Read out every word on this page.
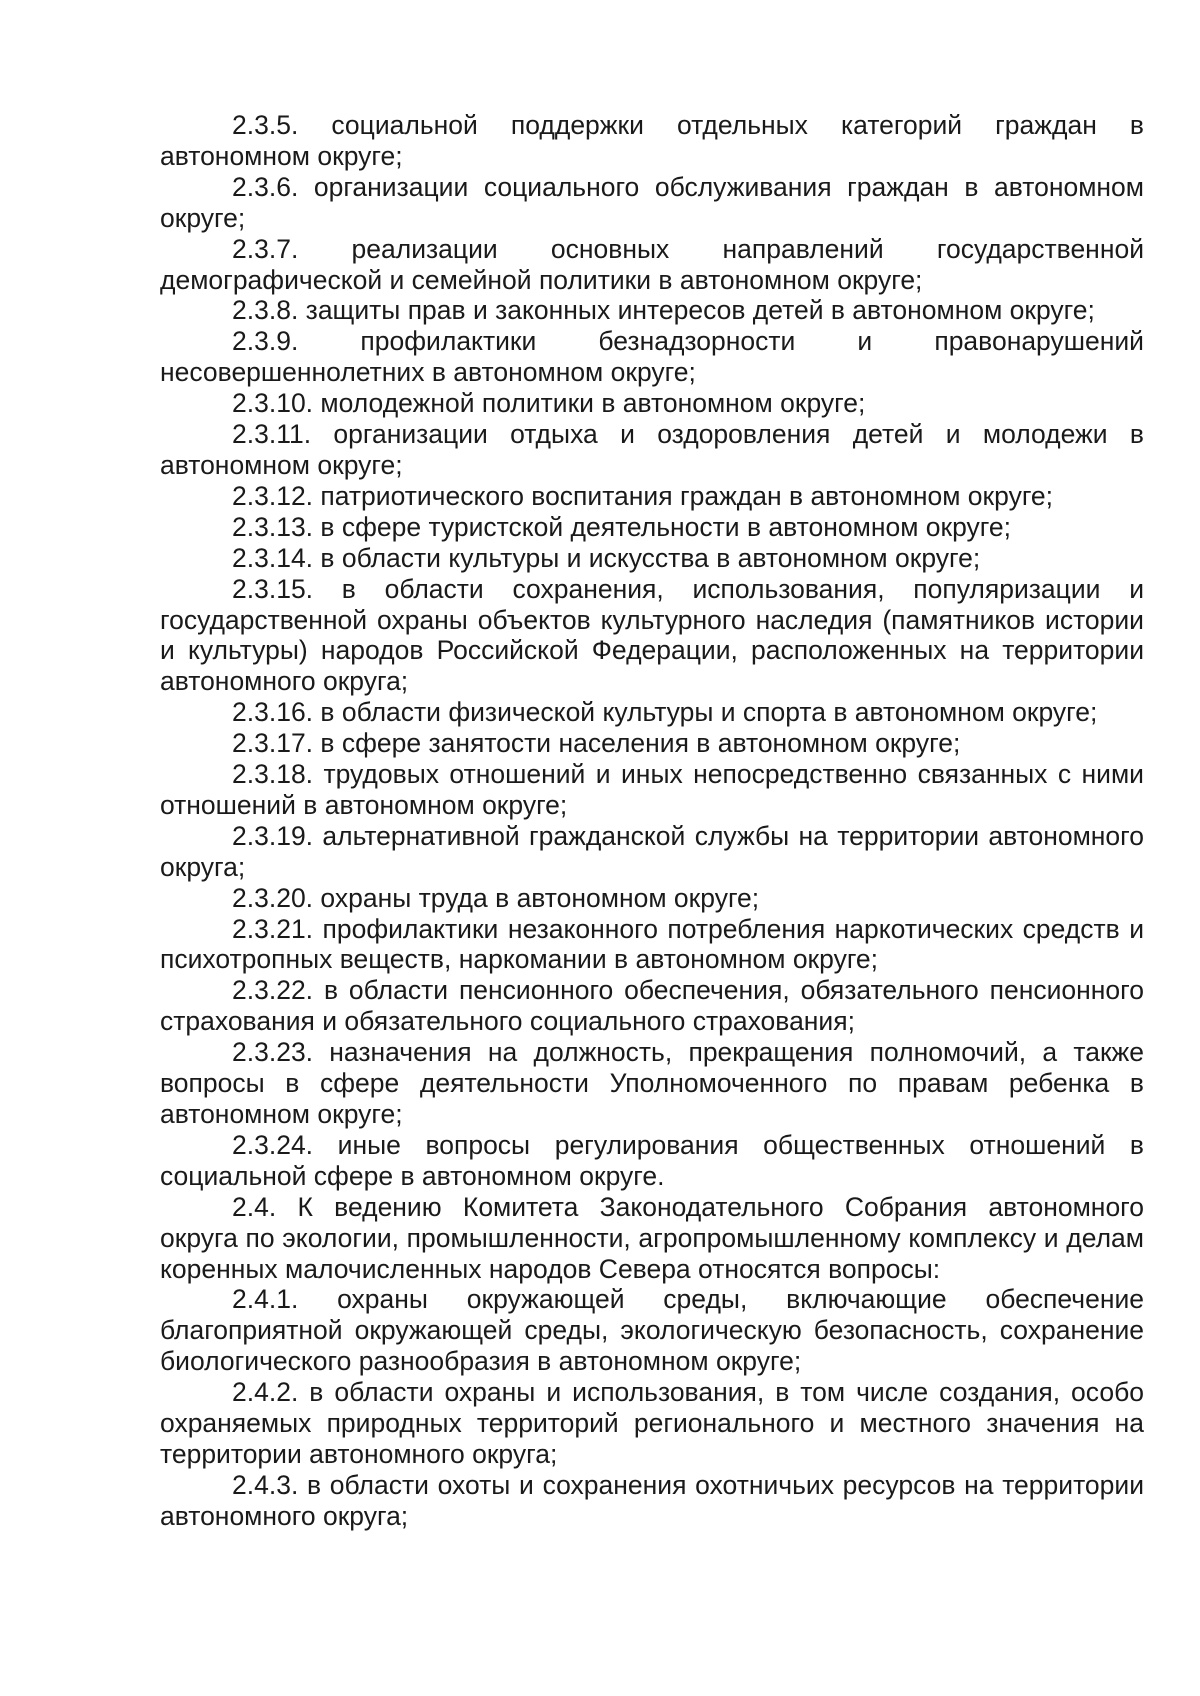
2.3.5. социальной поддержки отдельных категорий граждан в автономном округе;

2.3.6. организации социального обслуживания граждан в автономном округе;

2.3.7. реализации основных направлений государственной демографической и семейной политики в автономном округе;

2.3.8. защиты прав и законных интересов детей в автономном округе;

2.3.9. профилактики безнадзорности и правонарушений несовершеннолетних в автономном округе;

2.3.10. молодежной политики в автономном округе;

2.3.11. организации отдыха и оздоровления детей и молодежи в автономном округе;

2.3.12. патриотического воспитания граждан в автономном округе;

2.3.13. в сфере туристской деятельности в автономном округе;

2.3.14. в области культуры и искусства в автономном округе;

2.3.15. в области сохранения, использования, популяризации и государственной охраны объектов культурного наследия (памятников истории и культуры) народов Российской Федерации, расположенных на территории автономного округа;

2.3.16. в области физической культуры и спорта в автономном округе;

2.3.17. в сфере занятости населения в автономном округе;

2.3.18. трудовых отношений и иных непосредственно связанных с ними отношений в автономном округе;

2.3.19. альтернативной гражданской службы на территории автономного округа;

2.3.20. охраны труда в автономном округе;

2.3.21. профилактики незаконного потребления наркотических средств и психотропных веществ, наркомании в автономном округе;

2.3.22. в области пенсионного обеспечения, обязательного пенсионного страхования и обязательного социального страхования;

2.3.23. назначения на должность, прекращения полномочий, а также вопросы в сфере деятельности Уполномоченного по правам ребенка в автономном округе;

2.3.24. иные вопросы регулирования общественных отношений в социальной сфере в автономном округе.

2.4. К ведению Комитета Законодательного Собрания автономного округа по экологии, промышленности, агропромышленному комплексу и делам коренных малочисленных народов Севера относятся вопросы:

2.4.1. охраны окружающей среды, включающие обеспечение благоприятной окружающей среды, экологическую безопасность, сохранение биологического разнообразия в автономном округе;

2.4.2. в области охраны и использования, в том числе создания, особо охраняемых природных территорий регионального и местного значения на территории автономного округа;

2.4.3. в области охоты и сохранения охотничьих ресурсов на территории автономного округа;
